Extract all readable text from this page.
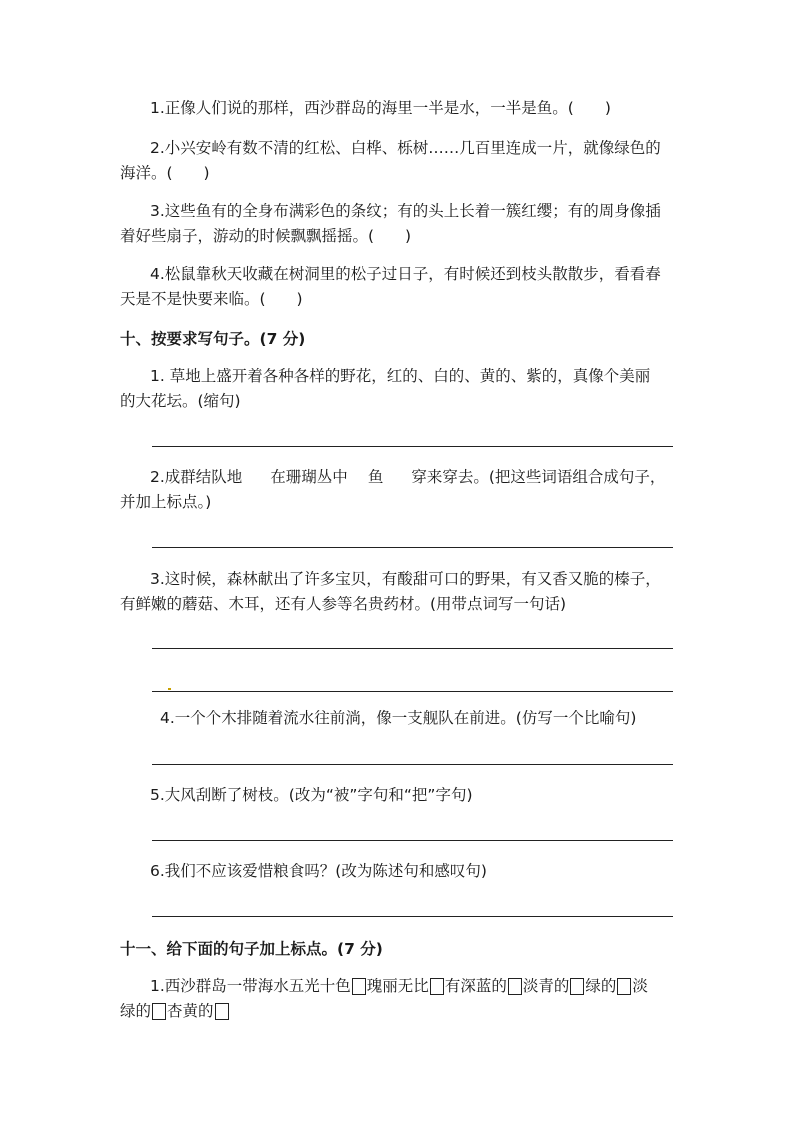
1.正像人们说的那样，西沙群岛的海里一半是水，一半是鱼。(　　)
2.小兴安岭有数不清的红松、白桦、栎树……几百里连成一片，就像绿色的
海洋。(　　)
3.这些鱼有的全身布满彩色的条纹；有的头上长着一簇红缨；有的周身像插
着好些扇子，游动的时候飘飘摇摇。(　　)
4.松鼠靠秋天收藏在树洞里的松子过日子，有时候还到枝头散散步，看看春
天是不是快要来临。(　　)
十、按要求写句子。(7 分)
1. 草地上盛开着各种各样的野花，红的、白的、黄的、紫的，真像个美丽
的大花坛。(缩句)
2.成群结队地 在珊瑚丛中 鱼 穿来穿去。(把这些词语组合成句子，
并加上标点。)
3.这时候，森林献出了许多宝贝，有酸甜可口的野果，有又香又脆的榛子，
有鲜嫩的蘑菇、木耳，还有人参等名贵药材。(用带点词写一句话)
4.一个个木排随着流水往前淌，像一支舰队在前进。(仿写一个比喻句)
5.大风刮断了树枝。(改为“被”字句和“把”字句)
6.我们不应该爱惜粮食吗？(改为陈述句和感叹句)
十一、给下面的句子加上标点。(7 分)
1.西沙群岛一带海水五光十色 瑰丽无比 有深蓝的 淡青的 绿的 淡
绿的 杏黄的
